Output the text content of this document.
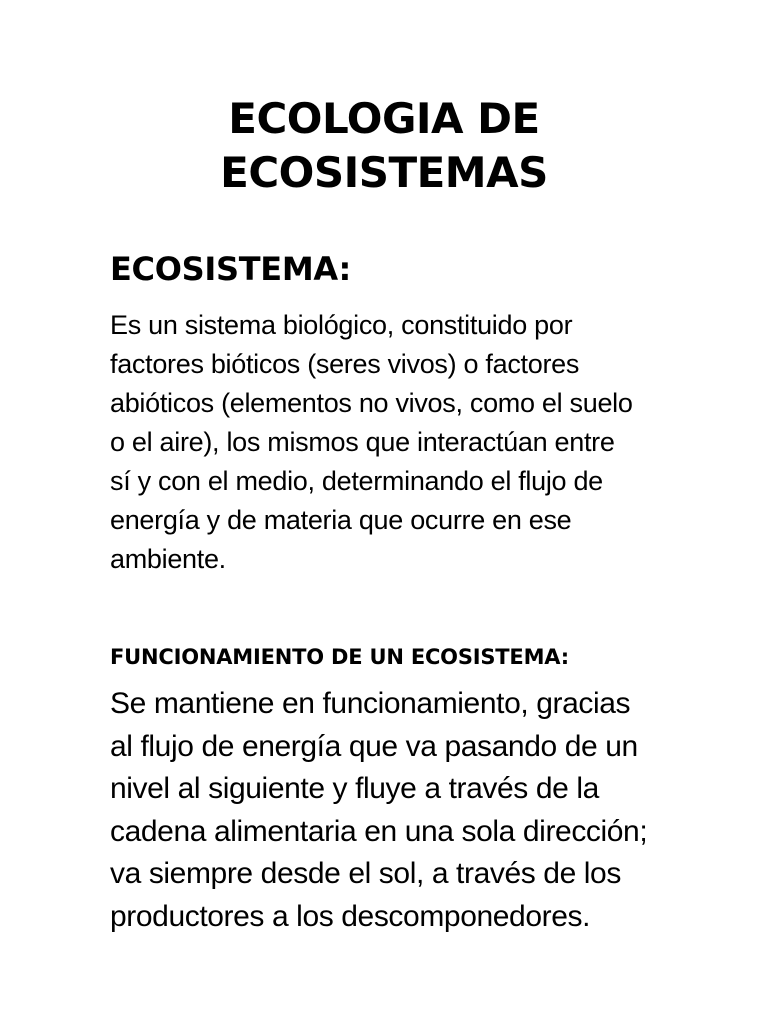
ECOLOGIA DE
ECOSISTEMAS
ECOSISTEMA:

Es un sistema biológico, constituido por
factores bióticos (seres vivos) o factores
abióticos (elementos no vivos, como el suelo
o el aire), los mismos que interactúan entre
sí y con el medio, determinando el flujo de
energía y de materia que ocurre en ese
ambiente.

FUNCIONAMIENTO DE UN ECOSISTEMA:

Se mantiene en funcionamiento, gracias
al flujo de energía que va pasando de un
nivel al siguiente y fluye a través de la
cadena alimentaria en una sola dirección;
va siempre desde el sol, a través de los
productores a los descomponedores.
